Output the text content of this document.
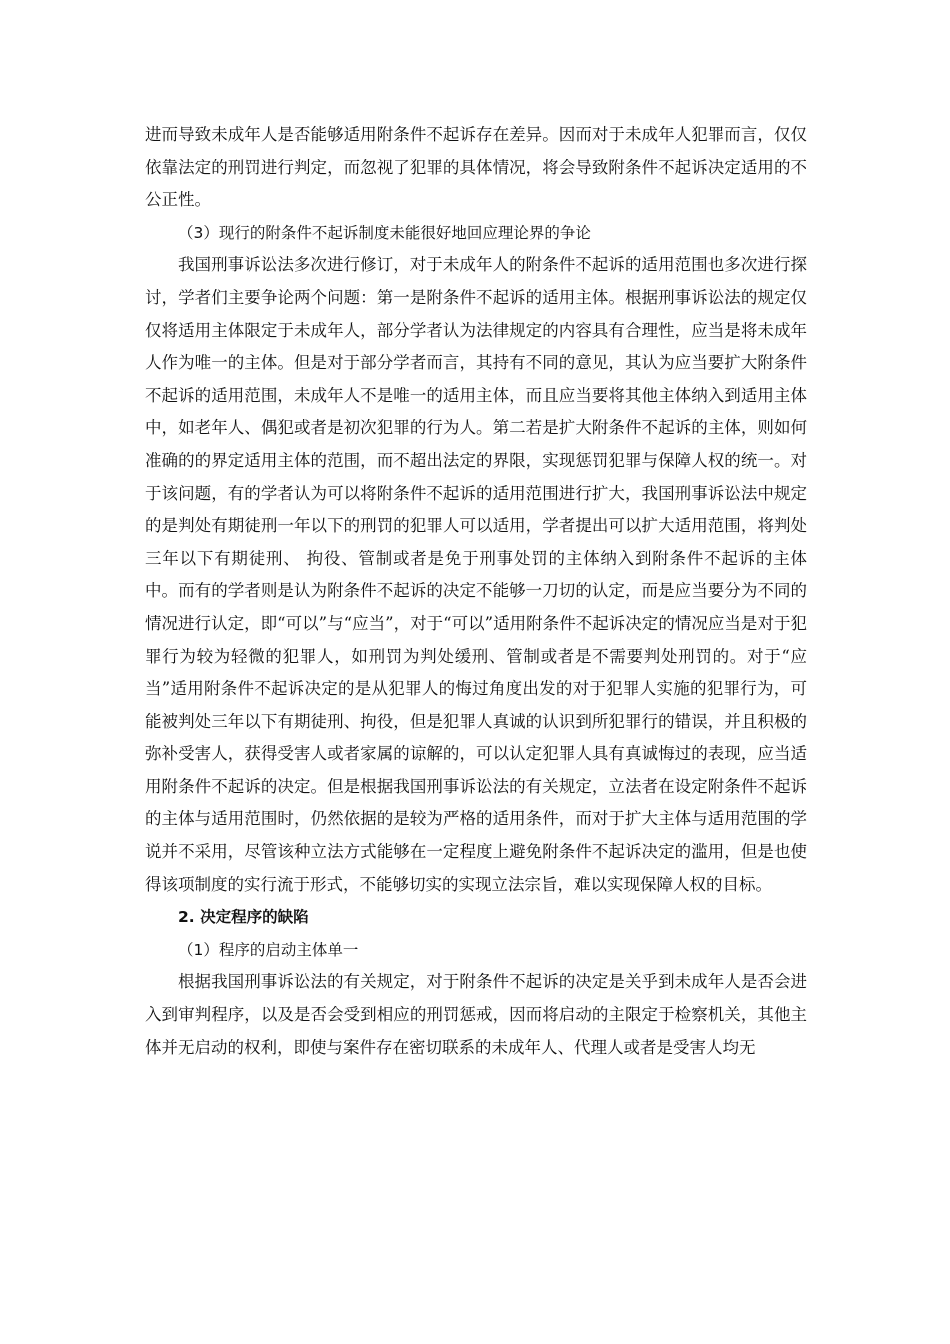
进而导致未成年人是否能够适用附条件不起诉存在差异。因而对于未成年人犯罪而言，仅仅依靠法定的刑罚进行判定，而忽视了犯罪的具体情况，将会导致附条件不起诉决定适用的不公正性。

（3）现行的附条件不起诉制度未能很好地回应理论界的争论

我国刑事诉讼法多次进行修订，对于未成年人的附条件不起诉的适用范围也多次进行探讨，学者们主要争论两个问题：第一是附条件不起诉的适用主体。根据刑事诉讼法的规定仅仅将适用主体限定于未成年人，部分学者认为法律规定的内容具有合理性，应当是将未成年人作为唯一的主体。但是对于部分学者而言，其持有不同的意见，其认为应当要扩大附条件不起诉的适用范围，未成年人不是唯一的适用主体，而且应当要将其他主体纳入到适用主体中，如老年人、偶犯或者是初次犯罪的行为人。第二若是扩大附条件不起诉的主体，则如何准确的的界定适用主体的范围，而不超出法定的界限，实现惩罚犯罪与保障人权的统一。对于该问题，有的学者认为可以将附条件不起诉的适用范围进行扩大，我国刑事诉讼法中规定的是判处有期徒刑一年以下的刑罚的犯罪人可以适用，学者提出可以扩大适用范围，将判处三年以下有期徒刑、 拘役、管制或者是免于刑事处罚的主体纳入到附条件不起诉的主体中。而有的学者则是认为附条件不起诉的决定不能够一刀切的认定，而是应当要分为不同的情况进行认定，即“可以”与“应当”，对于“可以”适用附条件不起诉决定的情况应当是对于犯罪行为较为轻微的犯罪人，如刑罚为判处缓刑、管制或者是不需要判处刑罚的。对于“应当”适用附条件不起诉决定的是从犯罪人的悔过角度出发的对于犯罪人实施的犯罪行为，可能被判处三年以下有期徒刑、拘役，但是犯罪人真诚的认识到所犯罪行的错误，并且积极的弥补受害人，获得受害人或者家属的谅解的，可以认定犯罪人具有真诚悔过的表现，应当适用附条件不起诉的决定。但是根据我国刑事诉讼法的有关规定，立法者在设定附条件不起诉的主体与适用范围时，仍然依据的是较为严格的适用条件，而对于扩大主体与适用范围的学说并不采用，尽管该种立法方式能够在一定程度上避免附条件不起诉决定的滥用，但是也使得该项制度的实行流于形式，不能够切实的实现立法宗旨，难以实现保障人权的目标。

2. 决定程序的缺陷

（1）程序的启动主体单一

根据我国刑事诉讼法的有关规定，对于附条件不起诉的决定是关乎到未成年人是否会进入到审判程序，以及是否会受到相应的刑罚惩戒，因而将启动的主限定于检察机关，其他主体并无启动的权利，即使与案件存在密切联系的未成年人、代理人或者是受害人均无
